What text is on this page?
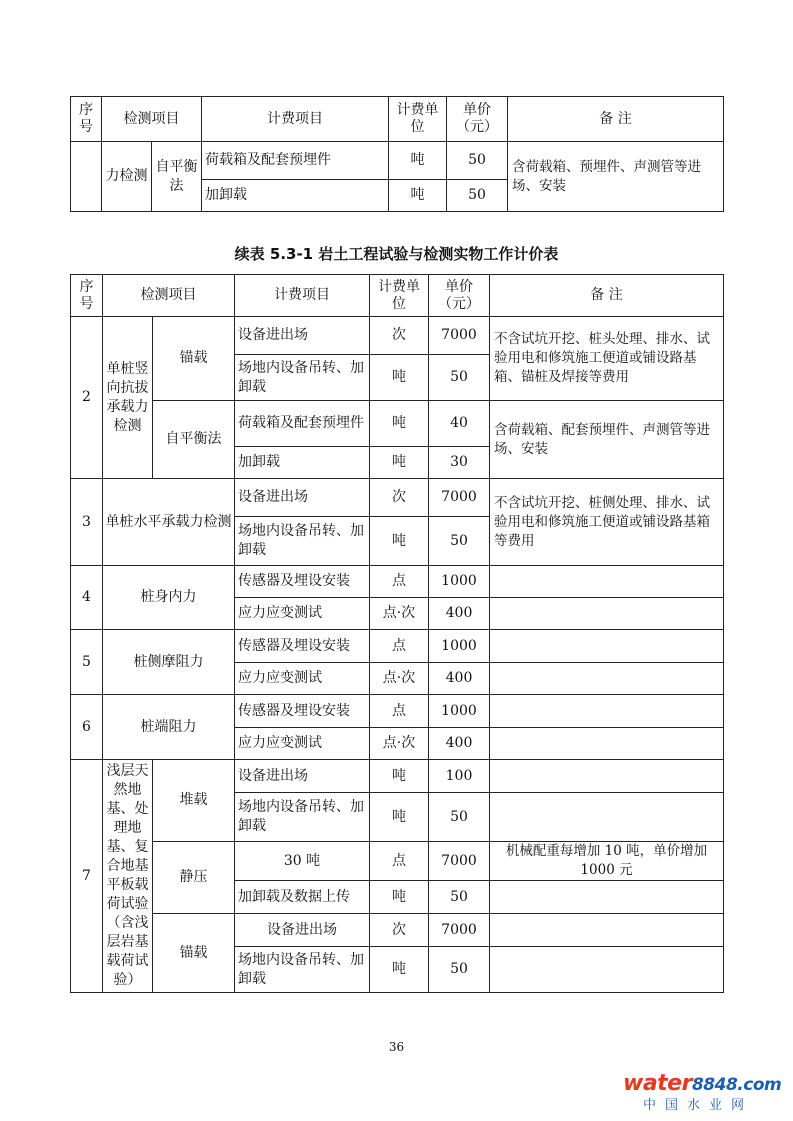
序号	检测项目		计费项目	计费单位	单价（元）	备 注
	力检测	自平衡法	荷载箱及配套预埋件	吨	50	含荷载箱、预埋件、声测管等进场、安装
			加卸载	吨	50	
续表 5.3-1 岩土工程试验与检测实物工作计价表
序号	检测项目		计费项目	计费单位	单价（元）	备 注
2	单桩竖向抗拔承载力检测	锚载	设备进出场	次	7000	不含试坑开挖、桩头处理、排水、试验用电和修筑施工便道或铺设路基箱、锚桩及焊接等费用
			场地内设备吊转、加卸载	吨	50	
		自平衡法	荷载箱及配套预埋件	吨	40	含荷载箱、配套预埋件、声测管等进场、安装
			加卸载	吨	30	
3	单桩水平承载力检测		设备进出场	次	7000	不含试坑开挖、桩侧处理、排水、试验用电和修筑施工便道或铺设路基箱等费用
			场地内设备吊转、加卸载	吨	50	
4	桩身内力		传感器及埋设安装	点	1000	
			应力应变测试	点·次	400	
5	桩侧摩阻力		传感器及埋设安装	点	1000	
			应力应变测试	点·次	400	
6	桩端阻力		传感器及埋设安装	点	1000	
			应力应变测试	点·次	400	
7	浅层天然地基、处理地基、复合地基平板载荷试验（含浅层岩基载荷试验）	堆载	设备进出场	吨	100	
			场地内设备吊转、加卸载	吨	50	
		静压	30 吨	点	7000	机械配重每增加 10 吨，单价增加 1000 元
			加卸载及数据上传	吨	50	
		锚载	设备进出场	次	7000	
			场地内设备吊转、加卸载	吨	50	
36
water8848.com
中国水业网
